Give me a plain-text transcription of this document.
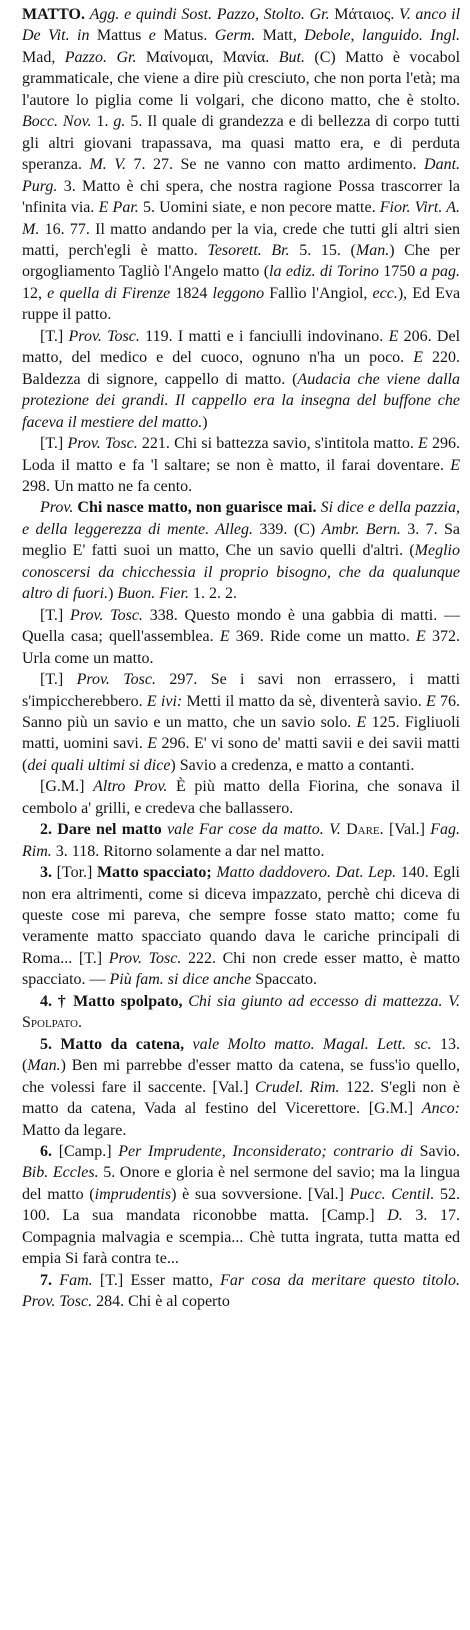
MATTO. Agg. e quindi Sost. Pazzo, Stolto. Gr. Μάταιος. V. anco il De Vit. in Mattus e Matus. Germ. Matt, Debole, languido. Ingl. Mad, Pazzo. Gr. Μαίνομαι, Μανία. But. (C) Matto è vocabol grammaticale, che viene a dire più cresciuto, che non porta l'età; ma l'autore lo piglia come li volgari, che dicono matto, che è stolto. Bocc. Nov. 1. g. 5. Il quale di grandezza e di bellezza di corpo tutti gli altri giovani trapassava, ma quasi matto era, e di perduta speranza. M. V. 7. 27. Se ne vanno con matto ardimento. Dant. Purg. 3. Matto è chi spera, che nostra ragione Possa trascorrer la 'nfinita via. E Par. 5. Uomini siate, e non pecore matte. Fior. Virt. A. M. 16. 77. Il matto andando per la via, crede che tutti gli altri sien matti, perch'egli è matto. Tesorett. Br. 5. 15. (Man.) Che per orgogliamento Tagliò l'Angelo matto (la ediz. di Torino 1750 a pag. 12, e quella di Firenze 1824 leggono Fallìo l'Angiol, ecc.), Ed Eva ruppe il patto.

[T.] Prov. Tosc. 119. I matti e i fanciulli indovinano. E 206. Del matto, del medico e del cuoco, ognuno n'ha un poco. E 220. Baldezza di signore, cappello di matto. (Audacia che viene dalla protezione dei grandi. Il cappello era la insegna del buffone che faceva il mestiere del matto.)

[T.] Prov. Tosc. 221. Chi si battezza savio, s'intitola matto. E 296. Loda il matto e fa 'l saltare; se non è matto, il farai doventare. E 298. Un matto ne fa cento.

Prov. Chi nasce matto, non guarisce mai. Si dice e della pazzia, e della leggerezza di mente. Alleg. 339. (C) Ambr. Bern. 3. 7. Sa meglio E' fatti suoi un matto, Che un savio quelli d'altri. (Meglio conoscersi da chicchessia il proprio bisogno, che da qualunque altro di fuori.) Buon. Fier. 1. 2. 2.

[T.] Prov. Tosc. 338. Questo mondo è una gabbia di matti. — Quella casa; quell'assemblea. E 369. Ride come un matto. E 372. Urla come un matto.

[T.] Prov. Tosc. 297. Se i savi non errassero, i matti s'impiccherebbero. E ivi: Metti il matto da sè, diventerà savio. E 76. Sanno più un savio e un matto, che un savio solo. E 125. Figliuoli matti, uomini savi. E 296. E' vi sono de' matti savii e dei savii matti (dei quali ultimi si dice) Savio a credenza, e matto a contanti.

[G.M.] Altro Prov. È più matto della Fiorina, che sonava il cembolo a' grilli, e credeva che ballassero.

2. Dare nel matto vale Far cose da matto. V. Dare. [Val.] Fag. Rim. 3. 118. Ritorno solamente a dar nel matto.

3. [Tor.] Matto spacciato; Matto daddovero. Dat. Lep. 140. Egli non era altrimenti, come si diceva impazzato, perchè chi diceva di queste cose mi pareva, che sempre fosse stato matto; come fu veramente matto spacciato quando dava le cariche principali di Roma... [T.] Prov. Tosc. 222. Chi non crede esser matto, è matto spacciato. — Più fam. si dice anche Spaccato.

4. † Matto spolpato, Chi sia giunto ad eccesso di mattezza. V. Spolpato.

5. Matto da catena, vale Molto matto. Magal. Lett. sc. 13. (Man.) Ben mi parrebbe d'esser matto da catena, se fuss'io quello, che volessi fare il saccente. [Val.] Crudel. Rim. 122. S'egli non è matto da catena, Vada al festino del Vicerettore. [G.M.] Anco: Matto da legare.

6. [Camp.] Per Imprudente, Inconsiderato; contrario di Savio. Bib. Eccles. 5. Onore e gloria è nel sermone del savio; ma la lingua del matto (imprudentis) è sua sovversione. [Val.] Pucc. Centil. 52. 100. La sua mandata riconobbe matta. [Camp.] D. 3. 17. Compagnia malvagia e scempia... Chè tutta ingrata, tutta matta ed empia Si farà contra te...

7. Fam. [T.] Esser matto, Far cosa da meritare questo titolo. Prov. Tosc. 284. Chi è al coperto
